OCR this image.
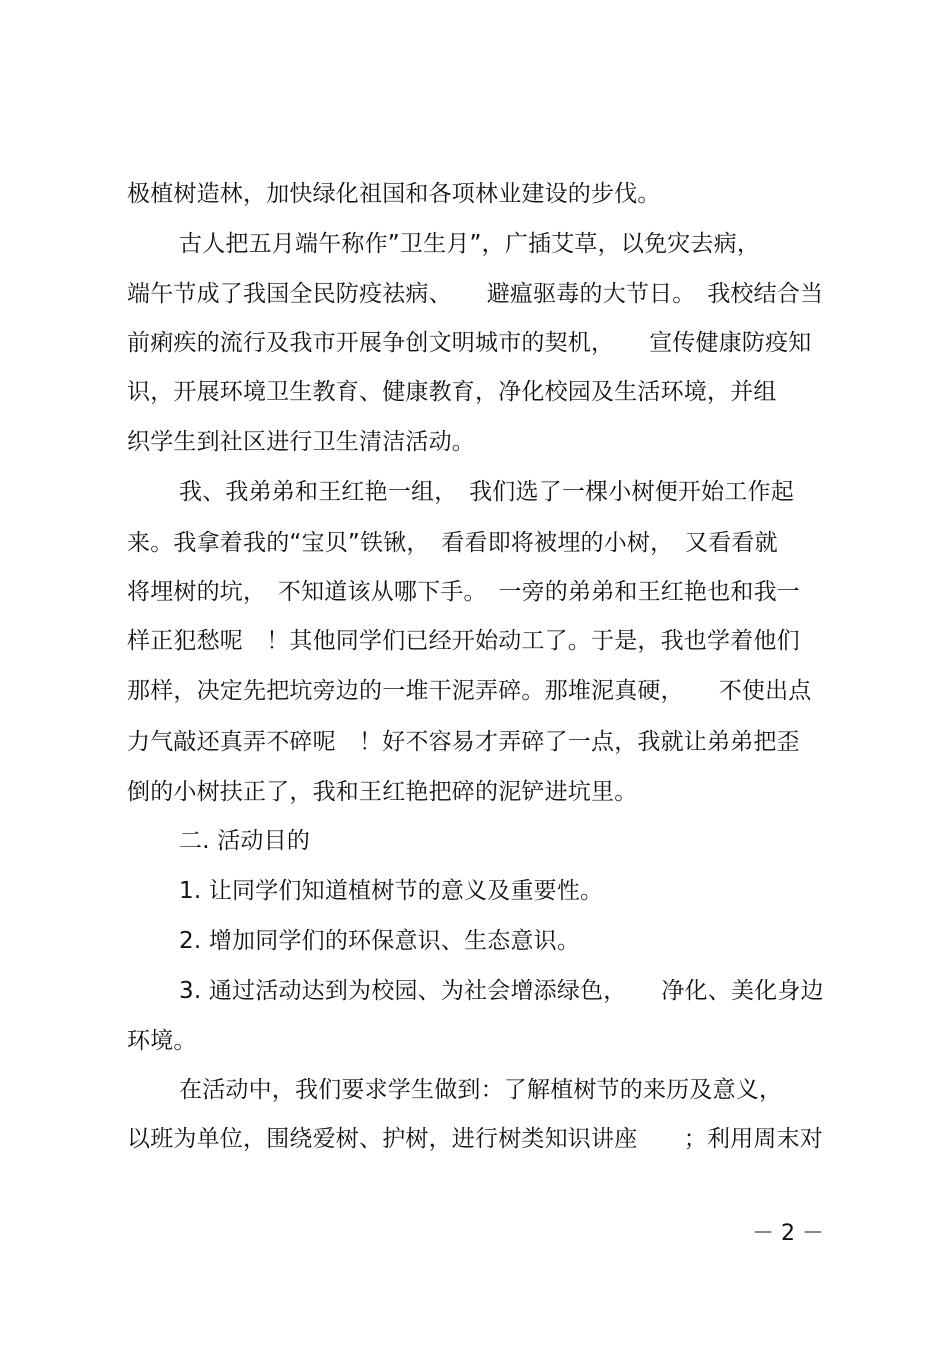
极植树造林，加快绿化祖国和各项林业建设的步伐。
古人把五月端午称作”卫生月”，广插艾草，以免灾去病，
端午节成了我国全民防疫祛病、　　避瘟驱毒的大节日。　我校结合当
前痢疾的流行及我市开展争创文明城市的契机，　　宣传健康防疫知
识，开展环境卫生教育、健康教育，净化校园及生活环境，并组
织学生到社区进行卫生清洁活动。
我、我弟弟和王红艳一组，　我们选了一棵小树便开始工作起
来。我拿着我的“宝贝”铁锹，　看看即将被埋的小树，　又看看就
将埋树的坑，　不知道该从哪下手。　一旁的弟弟和王红艳也和我一
样正犯愁呢　！其他同学们已经开始动工了。于是，我也学着他们
那样，决定先把坑旁边的一堆干泥弄碎。那堆泥真硬，　　不使出点
力气敲还真弄不碎呢　！好不容易才弄碎了一点，我就让弟弟把歪
倒的小树扶正了，我和王红艳把碎的泥铲进坑里。
二. 活动目的
1. 让同学们知道植树节的意义及重要性。
2. 增加同学们的环保意识、生态意识。
3. 通过活动达到为校园、为社会增添绿色，　　净化、美化身边
环境。
在活动中，我们要求学生做到：了解植树节的来历及意义，
以班为单位，围绕爱树、护树，进行树类知识讲座　　；利用周末对
－ 2 －
